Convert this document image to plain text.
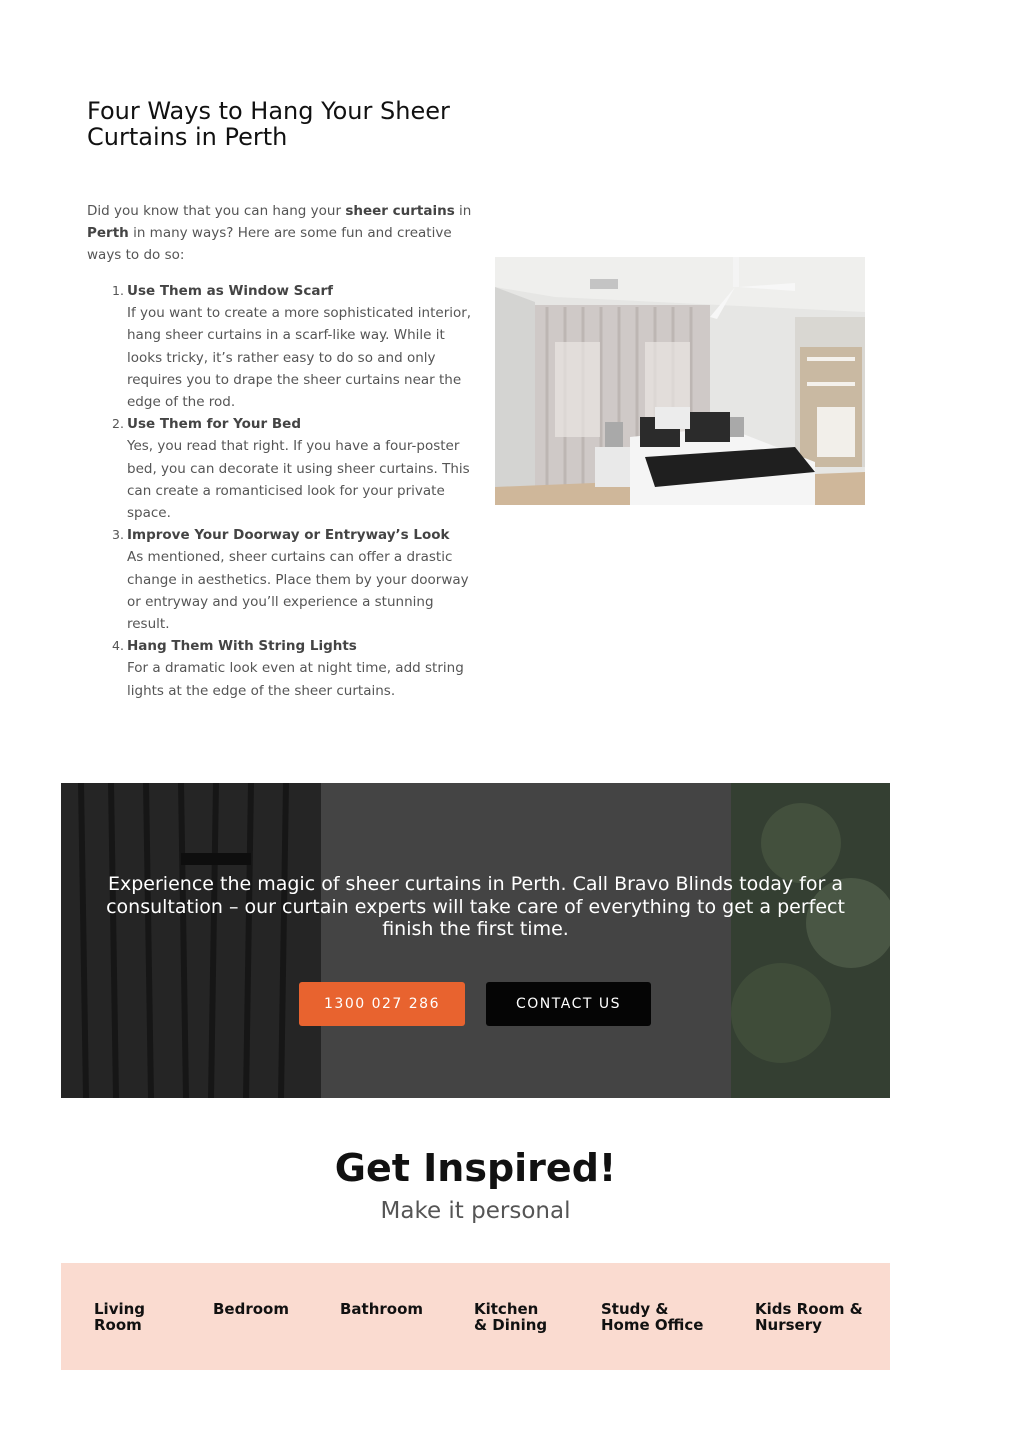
Four Ways to Hang Your Sheer Curtains in Perth

Did you know that you can hang your sheer curtains in Perth in many ways? Here are some fun and creative ways to do so:

1. Use Them as Window Scarf
If you want to create a more sophisticated interior, hang sheer curtains in a scarf-like way. While it looks tricky, it’s rather easy to do so and only requires you to drape the sheer curtains near the edge of the rod.
2. Use Them for Your Bed
Yes, you read that right. If you have a four-poster bed, you can decorate it using sheer curtains. This can create a romanticised look for your private space.
3. Improve Your Doorway or Entryway’s Look
As mentioned, sheer curtains can offer a drastic change in aesthetics. Place them by your doorway or entryway and you’ll experience a stunning result.
4. Hang Them With String Lights
For a dramatic look even at night time, add string lights at the edge of the sheer curtains.

Experience the magic of sheer curtains in Perth. Call Bravo Blinds today for a consultation – our curtain experts will take care of everything to get a perfect finish the first time.

1300 027 286	CONTACT US
Get Inspired!

Make it personal

Living
Room
Bedroom	Bathroom	Kitchen
& Dining
Study &
Home Office
Kids Room &
Nursery
